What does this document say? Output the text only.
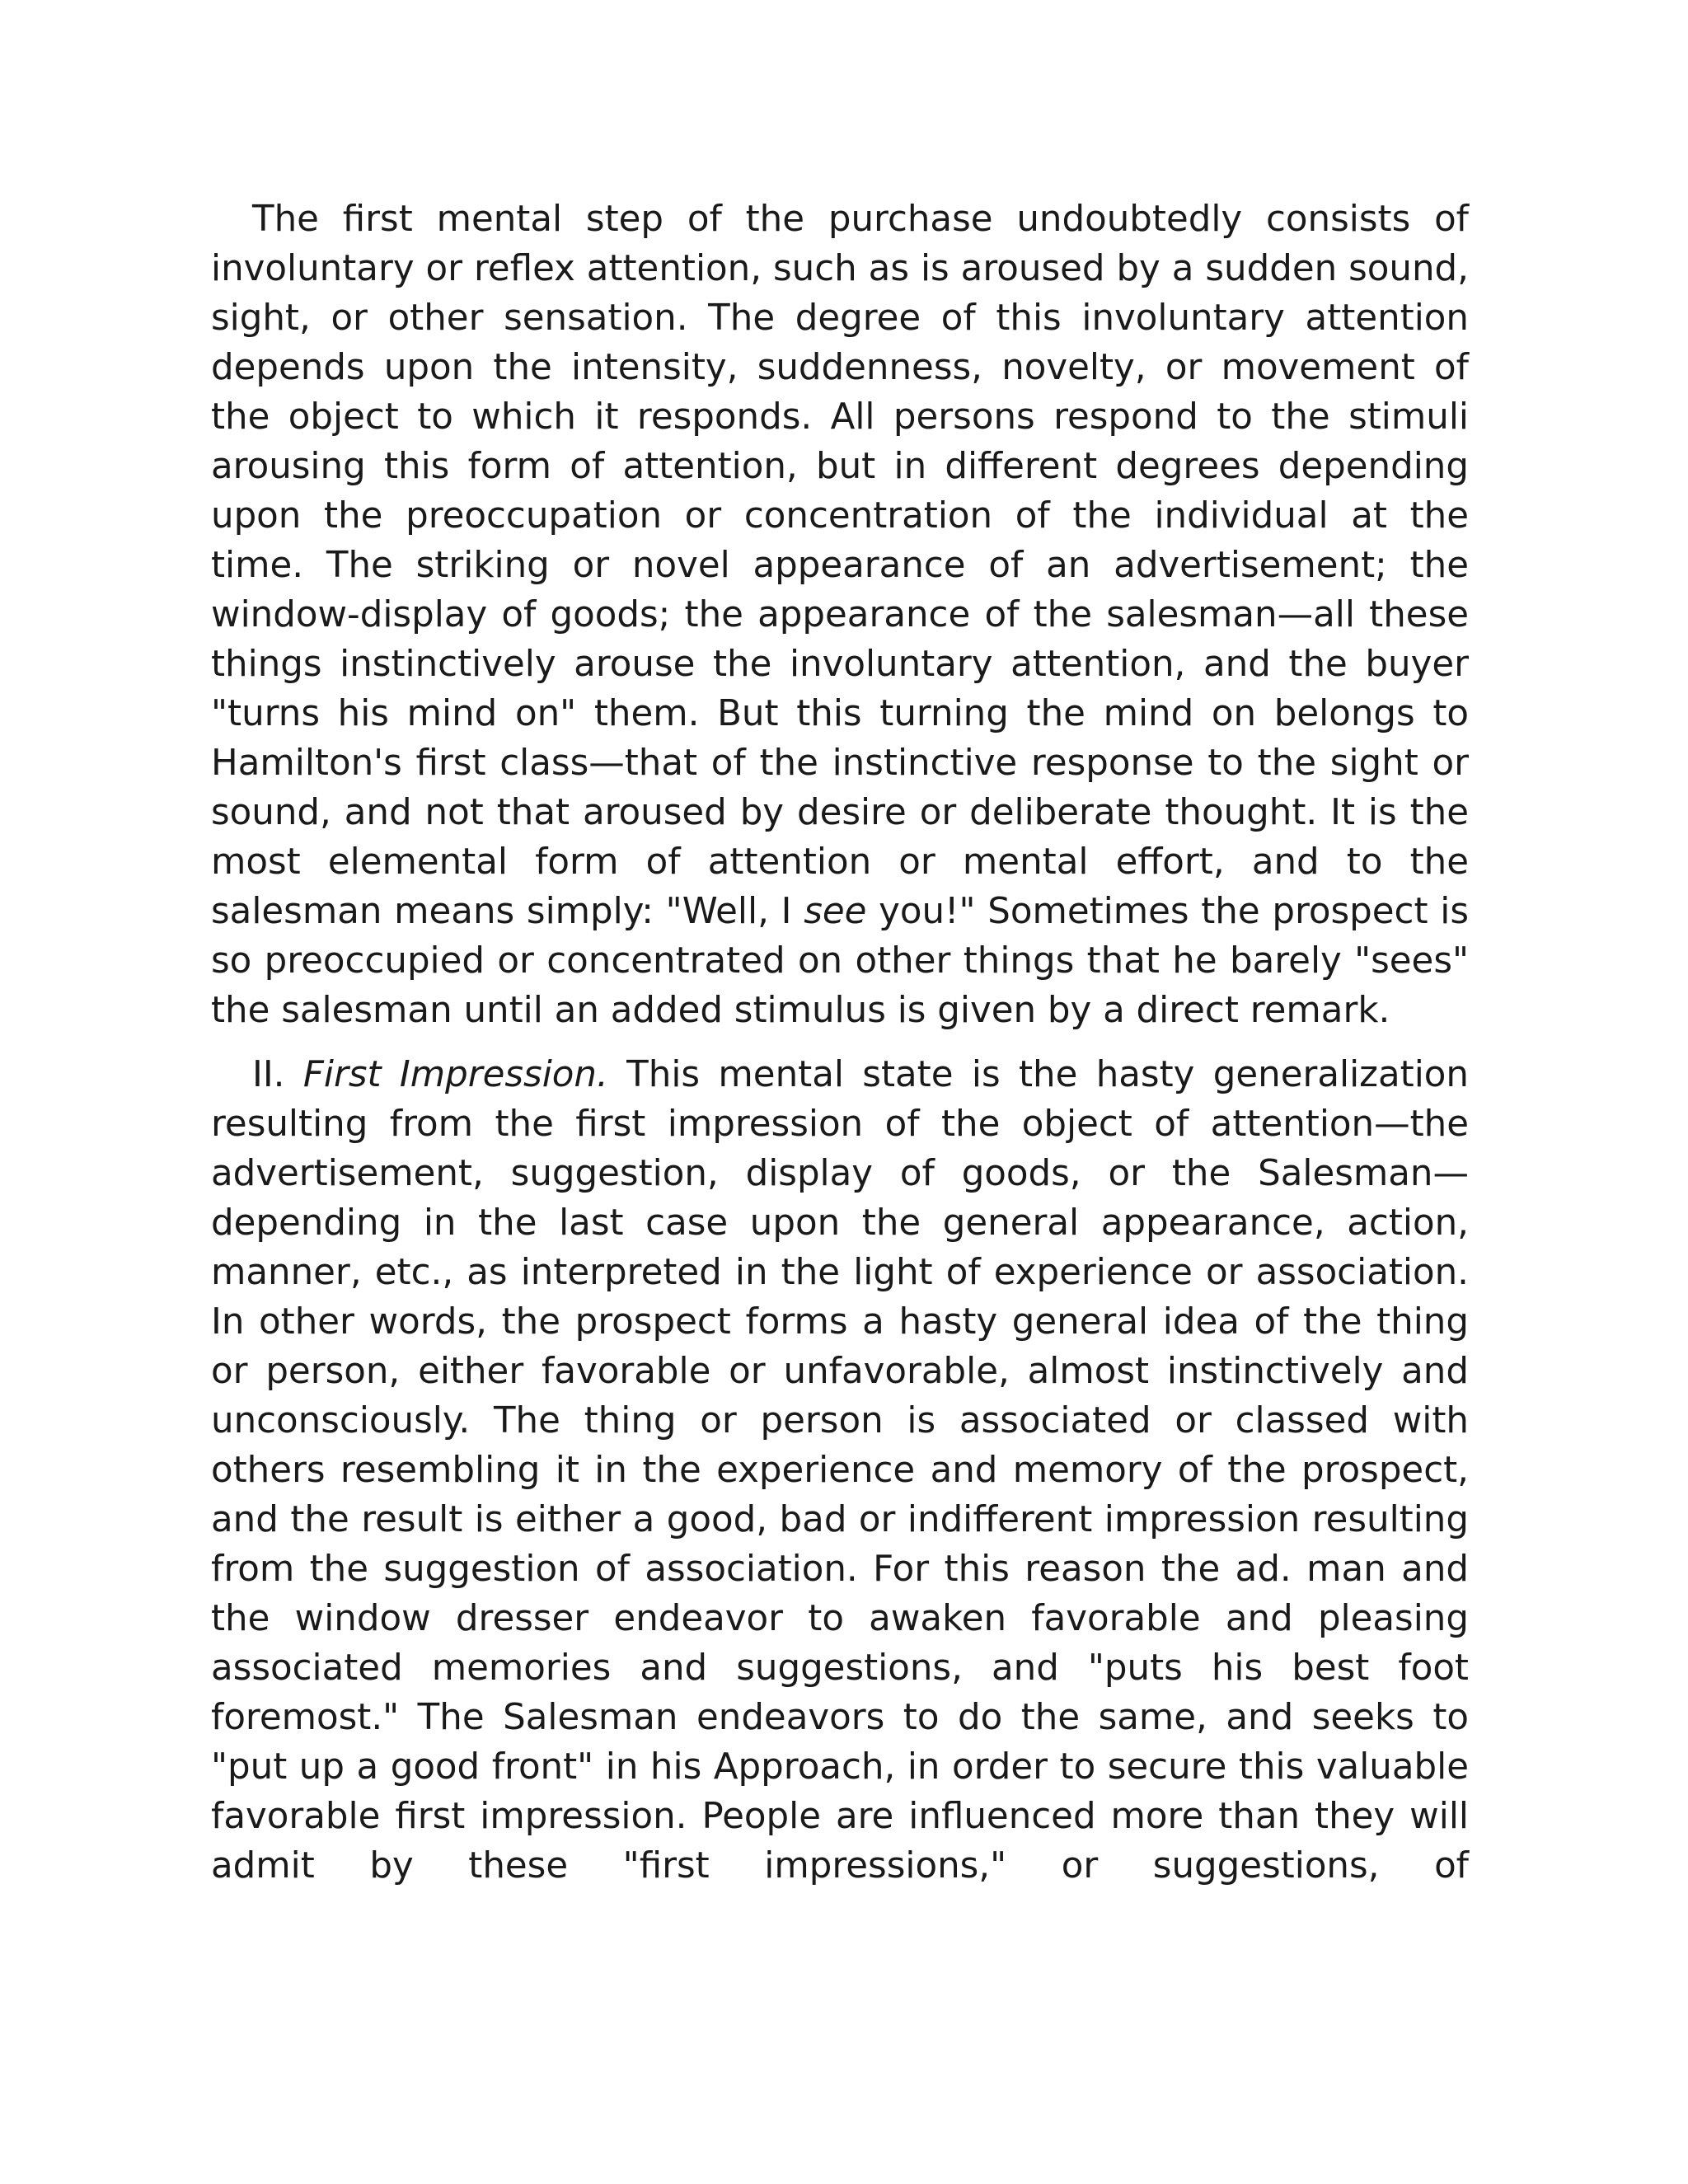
The first mental step of the purchase undoubtedly consists of involuntary or reflex attention, such as is aroused by a sudden sound, sight, or other sensation. The degree of this involuntary attention depends upon the intensity, suddenness, novelty, or movement of the object to which it responds. All persons respond to the stimuli arousing this form of attention, but in different degrees depending upon the preoccupation or concentration of the individual at the time. The striking or novel appearance of an advertisement; the window-display of goods; the appearance of the salesman—all these things instinctively arouse the involuntary attention, and the buyer "turns his mind on" them. But this turning the mind on belongs to Hamilton's first class—that of the instinctive response to the sight or sound, and not that aroused by desire or deliberate thought. It is the most elemental form of attention or mental effort, and to the salesman means simply: "Well, I see you!" Sometimes the prospect is so preoccupied or concentrated on other things that he barely "sees" the salesman until an added stimulus is given by a direct remark.

II. First Impression. This mental state is the hasty generalization resulting from the first impression of the object of attention—the advertisement, suggestion, display of goods, or the Salesman—depending in the last case upon the general appearance, action, manner, etc., as interpreted in the light of experience or association. In other words, the prospect forms a hasty general idea of the thing or person, either favorable or unfavorable, almost instinctively and unconsciously. The thing or person is associated or classed with others resembling it in the experience and memory of the prospect, and the result is either a good, bad or indifferent impression resulting from the suggestion of association. For this reason the ad. man and the window dresser endeavor to awaken favorable and pleasing associated memories and suggestions, and "puts his best foot foremost." The Salesman endeavors to do the same, and seeks to "put up a good front" in his Approach, in order to secure this valuable favorable first impression. People are influenced more than they will admit by these "first impressions," or suggestions, of
